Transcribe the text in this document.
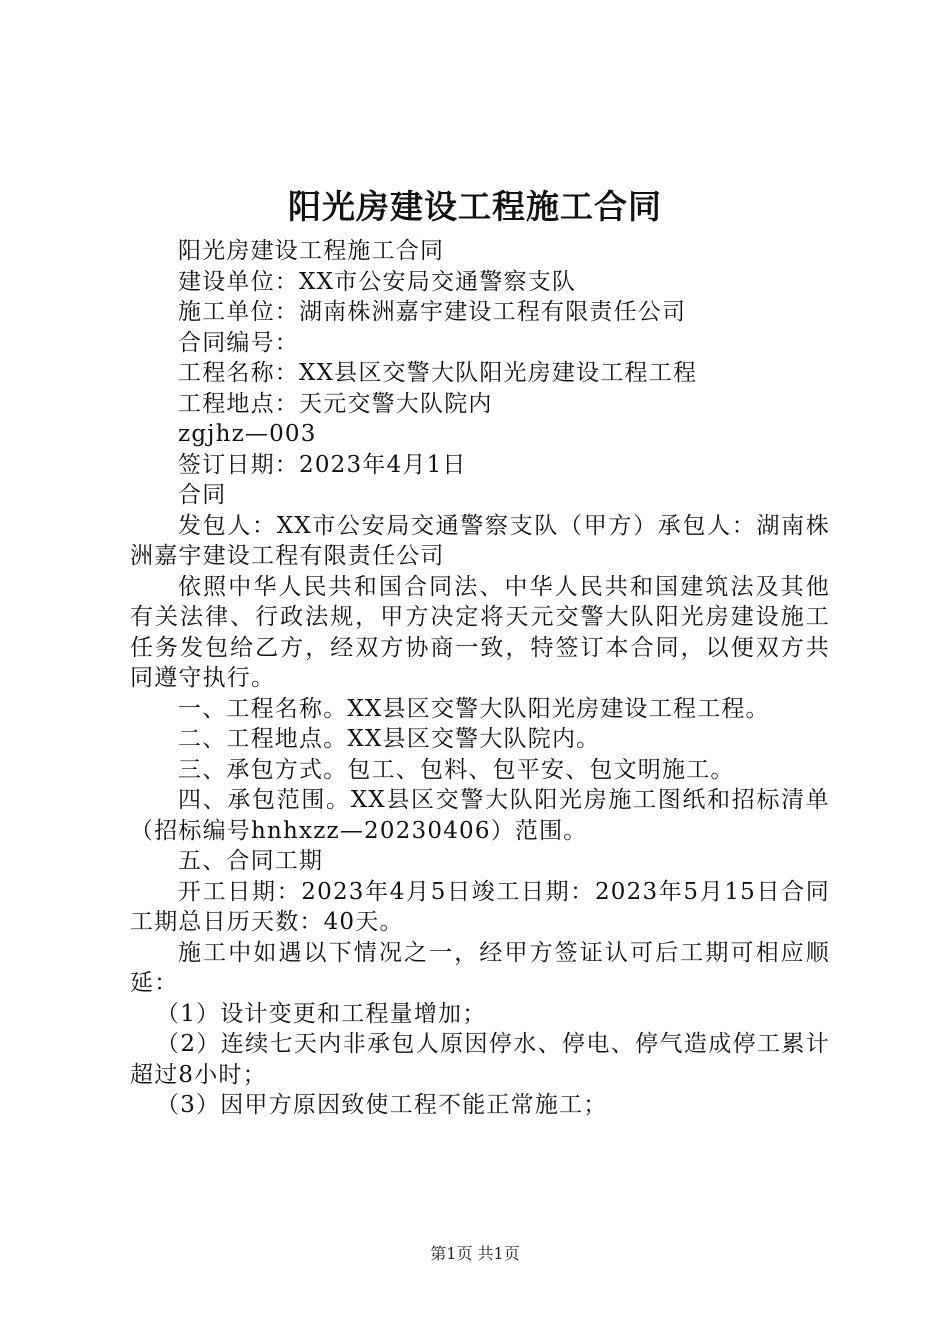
阳光房建设工程施工合同

阳光房建设工程施工合同

建设单位：XX市公安局交通警察支队

施工单位：湖南株洲嘉宇建设工程有限责任公司

合同编号：

工程名称：XX县区交警大队阳光房建设工程工程

工程地点：天元交警大队院内

zgjhz—003

签订日期：2023年4月1日

合同

发包人：XX市公安局交通警察支队（甲方）承包人：湖南株洲嘉宇建设工程有限责任公司

依照中华人民共和国合同法、中华人民共和国建筑法及其他有关法律、行政法规，甲方决定将天元交警大队阳光房建设施工任务发包给乙方，经双方协商一致，特签订本合同，以便双方共同遵守执行。

一、工程名称。XX县区交警大队阳光房建设工程工程。

二、工程地点。XX县区交警大队院内。

三、承包方式。包工、包料、包平安、包文明施工。

四、承包范围。XX县区交警大队阳光房施工图纸和招标清单（招标编号hnhxzz—20230406）范围。

五、合同工期

开工日期：2023年4月5日竣工日期：2023年5月15日合同工期总日历天数：40天。

施工中如遇以下情况之一，经甲方签证认可后工期可相应顺延：

（1）设计变更和工程量增加；

（2）连续七天内非承包人原因停水、停电、停气造成停工累计超过8小时；

（3）因甲方原因致使工程不能正常施工；

第1页 共1页
